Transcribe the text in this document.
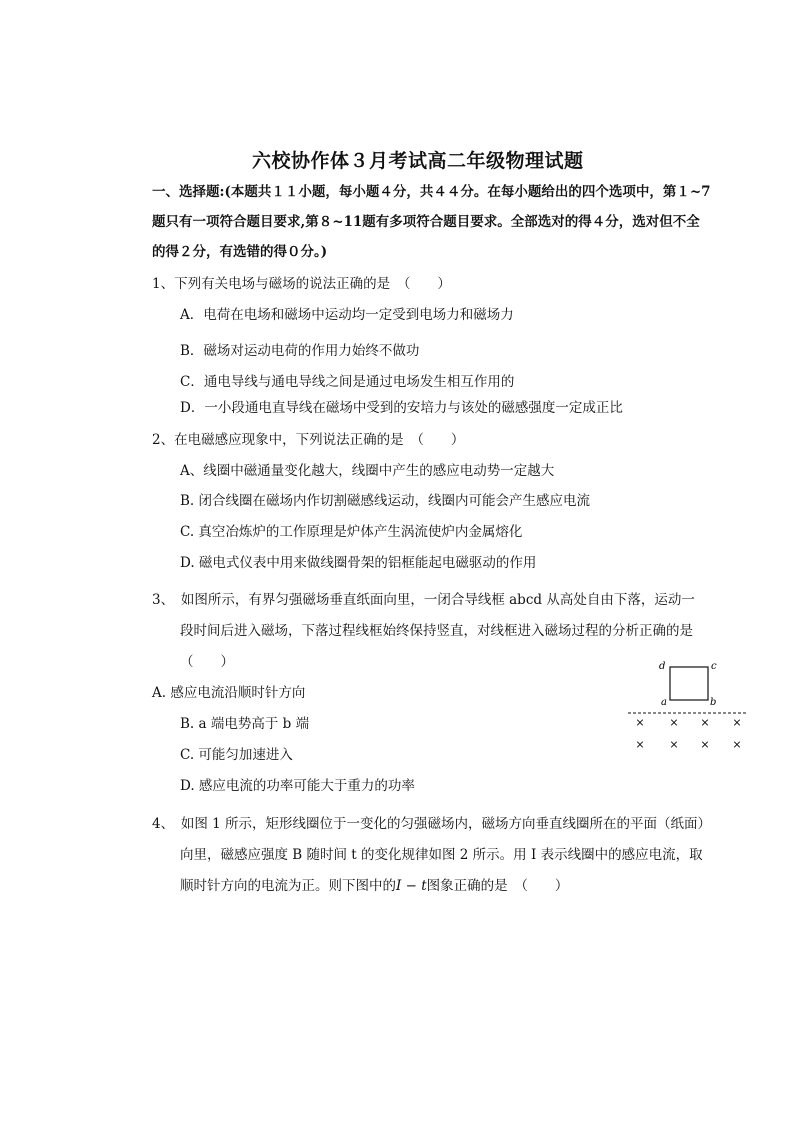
六校协作体３月考试高二年级物理试题
一、选择题:(本题共１１小题，每小题４分，共４４分。在每小题给出的四个选项中，第１~7
题只有一项符合题目要求,第８~11题有多项符合题目要求。全部选对的得４分，选对但不全
的得２分，有选错的得０分。)
1、下列有关电场与磁场的说法正确的是　（　　）
A．电荷在电场和磁场中运动均一定受到电场力和磁场力
B．磁场对运动电荷的作用力始终不做功
C．通电导线与通电导线之间是通过电场发生相互作用的
D．一小段通电直导线在磁场中受到的安培力与该处的磁感强度一定成正比
2、在电磁感应现象中，下列说法正确的是　（　　）
A、线圈中磁通量变化越大，线圈中产生的感应电动势一定越大
B. 闭合线圈在磁场内作切割磁感线运动，线圈内可能会产生感应电流
C. 真空冶炼炉的工作原理是炉体产生涡流使炉内金属熔化
D. 磁电式仪表中用来做线圈骨架的铝框能起电磁驱动的作用
3、　如图所示，有界匀强磁场垂直纸面向里，一闭合导线框 abcd 从高处自由下落，运动一
段时间后进入磁场，下落过程线框始终保持竖直，对线框进入磁场过程的分析正确的是
（　　）
A. 感应电流沿顺时针方向
B. a 端电势高于 b 端
C. 可能匀加速进入
D. 感应电流的功率可能大于重力的功率
d	c
a	b
× × × ×
× × × ×
4、　如图 1 所示，矩形线圈位于一变化的匀强磁场内，磁场方向垂直线圈所在的平面（纸面）
向里，磁感应强度 B 随时间 t 的变化规律如图 2 所示。用 I 表示线圈中的感应电流，取
顺时针方向的电流为正。则下图中的I − t图象正确的是　（　　）
